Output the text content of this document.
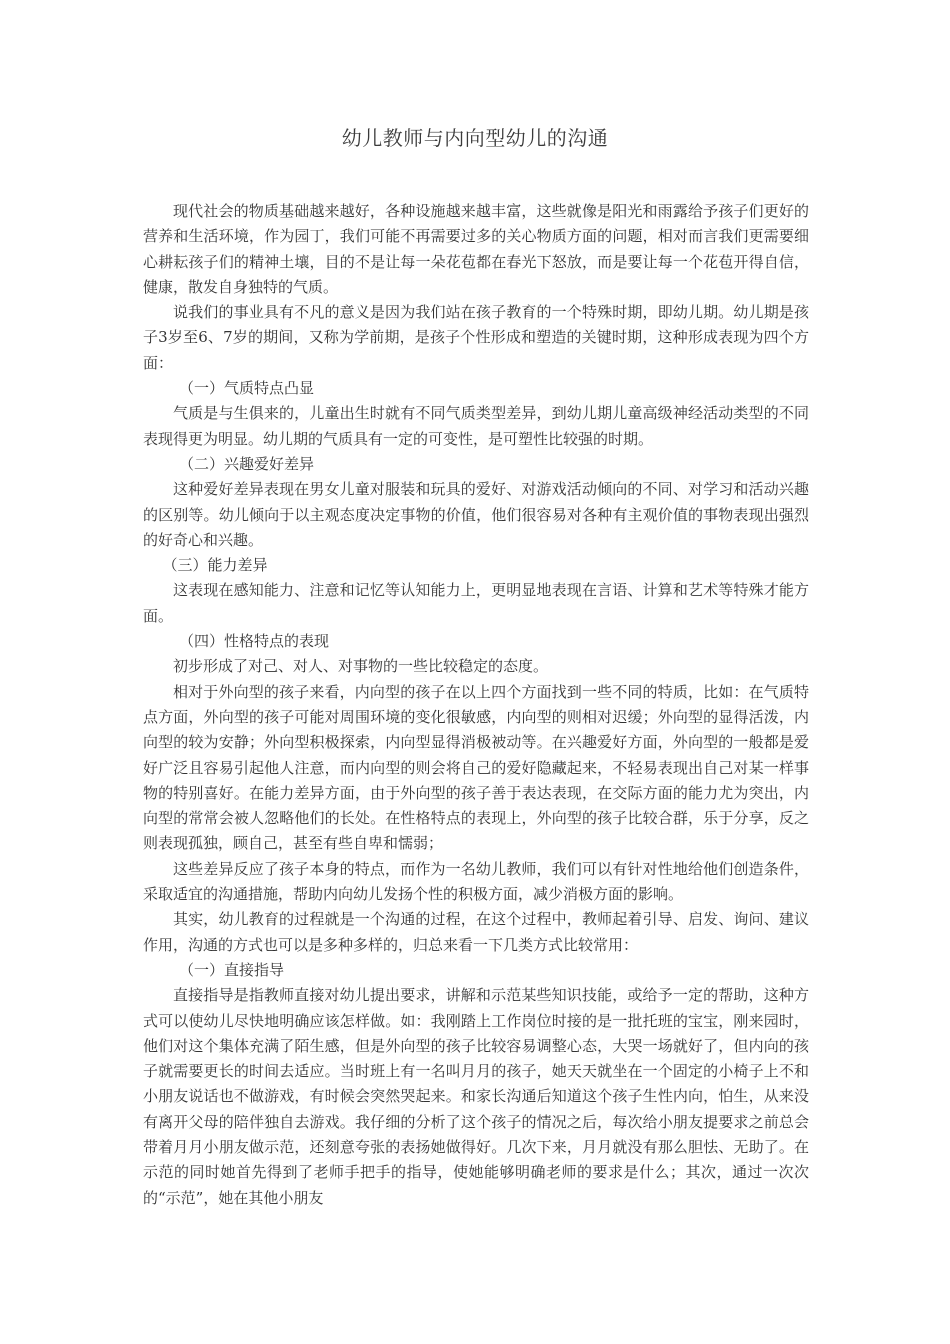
幼儿教师与内向型幼儿的沟通

现代社会的物质基础越来越好，各种设施越来越丰富，这些就像是阳光和雨露给予孩子们更好的营养和生活环境，作为园丁，我们可能不再需要过多的关心物质方面的问题，相对而言我们更需要细心耕耘孩子们的精神土壤，目的不是让每一朵花苞都在春光下怒放，而是要让每一个花苞开得自信，健康，散发自身独特的气质。

说我们的事业具有不凡的意义是因为我们站在孩子教育的一个特殊时期，即幼儿期。幼儿期是孩子3岁至6、7岁的期间，又称为学前期，是孩子个性形成和塑造的关键时期，这种形成表现为四个方面：

（一）气质特点凸显

气质是与生俱来的，儿童出生时就有不同气质类型差异，到幼儿期儿童高级神经活动类型的不同表现得更为明显。幼儿期的气质具有一定的可变性，是可塑性比较强的时期。

（二）兴趣爱好差异

这种爱好差异表现在男女儿童对服装和玩具的爱好、对游戏活动倾向的不同、对学习和活动兴趣的区别等。幼儿倾向于以主观态度决定事物的价值，他们很容易对各种有主观价值的事物表现出强烈的好奇心和兴趣。

（三）能力差异

这表现在感知能力、注意和记忆等认知能力上，更明显地表现在言语、计算和艺术等特殊才能方面。

（四）性格特点的表现

初步形成了对己、对人、对事物的一些比较稳定的态度。

相对于外向型的孩子来看，内向型的孩子在以上四个方面找到一些不同的特质，比如：在气质特点方面，外向型的孩子可能对周围环境的变化很敏感，内向型的则相对迟缓；外向型的显得活泼，内向型的较为安静；外向型积极探索，内向型显得消极被动等。在兴趣爱好方面，外向型的一般都是爱好广泛且容易引起他人注意，而内向型的则会将自己的爱好隐藏起来，不轻易表现出自己对某一样事物的特别喜好。在能力差异方面，由于外向型的孩子善于表达表现，在交际方面的能力尤为突出，内向型的常常会被人忽略他们的长处。在性格特点的表现上，外向型的孩子比较合群，乐于分享，反之则表现孤独，顾自己，甚至有些自卑和懦弱；

这些差异反应了孩子本身的特点，而作为一名幼儿教师，我们可以有针对性地给他们创造条件，采取适宜的沟通措施，帮助内向幼儿发扬个性的积极方面，减少消极方面的影响。

其实，幼儿教育的过程就是一个沟通的过程，在这个过程中，教师起着引导、启发、询问、建议作用，沟通的方式也可以是多种多样的，归总来看一下几类方式比较常用：

（一）直接指导

直接指导是指教师直接对幼儿提出要求，讲解和示范某些知识技能，或给予一定的帮助，这种方式可以使幼儿尽快地明确应该怎样做。如：我刚踏上工作岗位时接的是一批托班的宝宝，刚来园时，他们对这个集体充满了陌生感，但是外向型的孩子比较容易调整心态，大哭一场就好了，但内向的孩子就需要更长的时间去适应。当时班上有一名叫月月的孩子，她天天就坐在一个固定的小椅子上不和小朋友说话也不做游戏，有时候会突然哭起来。和家长沟通后知道这个孩子生性内向，怕生，从来没有离开父母的陪伴独自去游戏。我仔细的分析了这个孩子的情况之后，每次给小朋友提要求之前总会带着月月小朋友做示范，还刻意夸张的表扬她做得好。几次下来，月月就没有那么胆怯、无助了。在示范的同时她首先得到了老师手把手的指导，使她能够明确老师的要求是什么；其次，通过一次次的“示范”，她在其他小朋友
